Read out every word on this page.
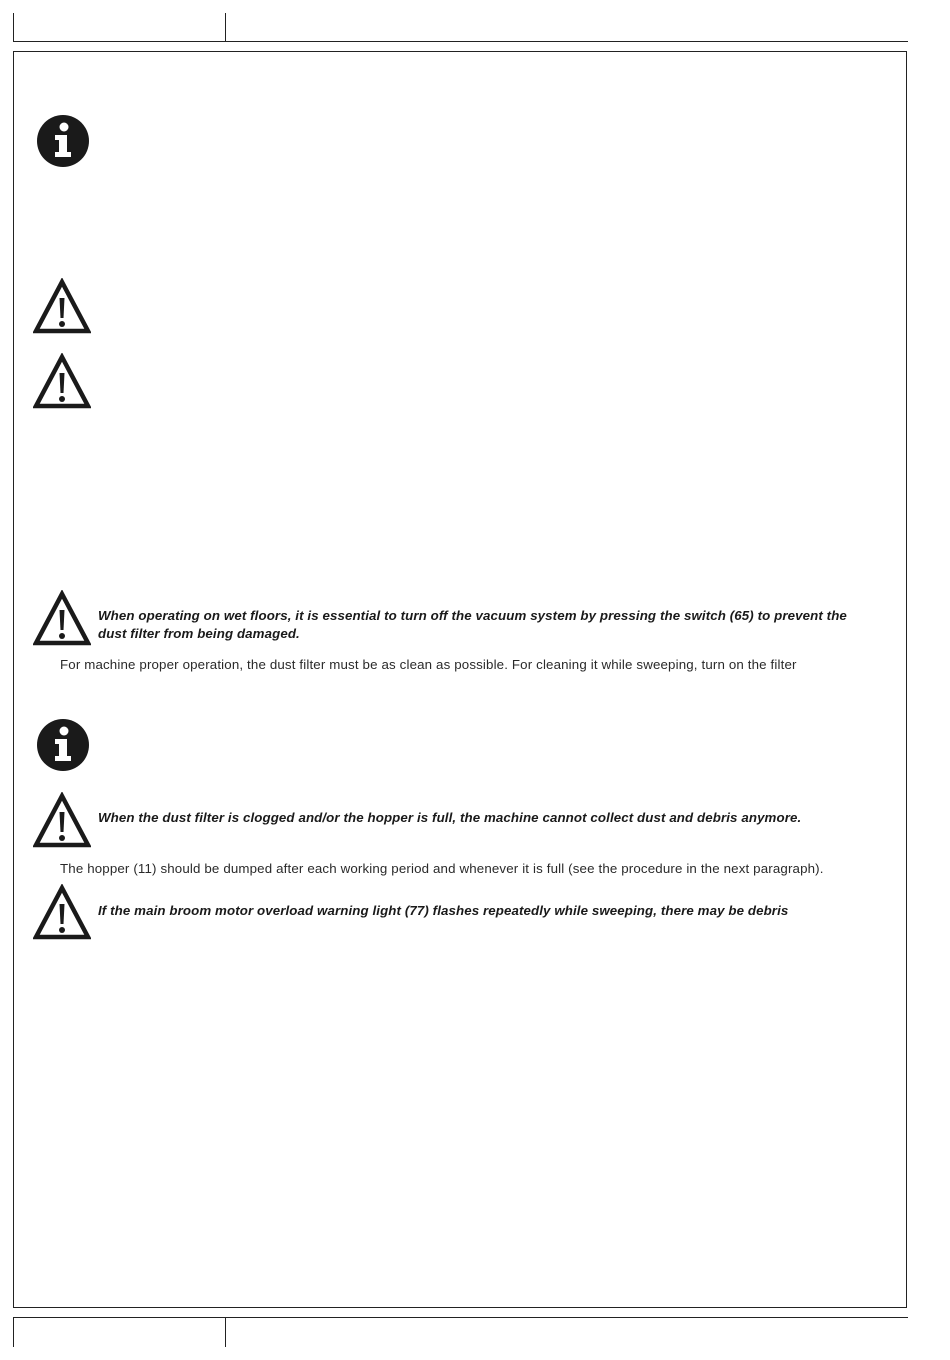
When operating on wet floors, it is essential to turn off the vacuum system by pressing the switch (65) to prevent the dust filter from being damaged.
For machine proper operation, the dust filter must be as clean as possible. For cleaning it while sweeping, turn on the filter
When the dust filter is clogged and/or the hopper is full, the machine cannot collect dust and debris anymore.
The hopper (11) should be dumped after each working period and whenever it is full (see the procedure in the next paragraph).
If the main broom motor overload warning light (77) flashes repeatedly while sweeping, there may be debris
